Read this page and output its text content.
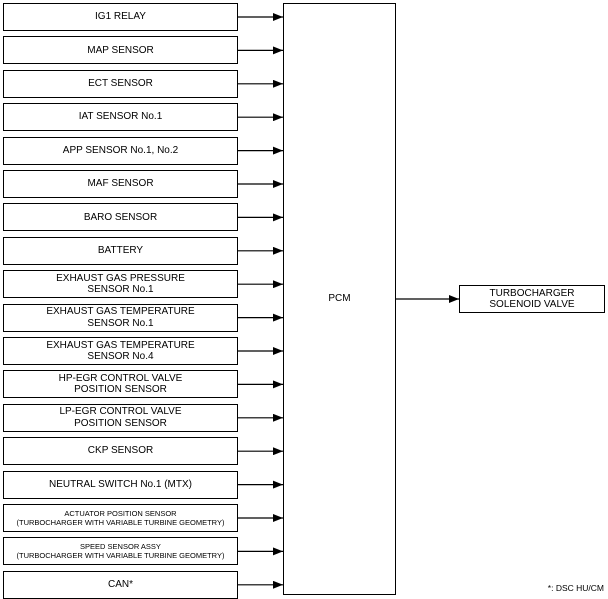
IG1 RELAY
MAP SENSOR
ECT SENSOR
IAT SENSOR No.1
APP SENSOR No.1, No.2
MAF SENSOR
BARO SENSOR
BATTERY
EXHAUST GAS PRESSURE
SENSOR No.1
EXHAUST GAS TEMPERATURE
SENSOR No.1
EXHAUST GAS TEMPERATURE
SENSOR No.4
HP-EGR CONTROL VALVE
POSITION SENSOR
LP-EGR CONTROL VALVE
POSITION SENSOR
CKP SENSOR
NEUTRAL SWITCH No.1 (MTX)
ACTUATOR POSITION SENSOR
(TURBOCHARGER WITH VARIABLE TURBINE GEOMETRY)
SPEED SENSOR ASSY
(TURBOCHARGER WITH VARIABLE TURBINE GEOMETRY)
CAN*
PCM
TURBOCHARGER
SOLENOID VALVE
*: DSC HU/CM
